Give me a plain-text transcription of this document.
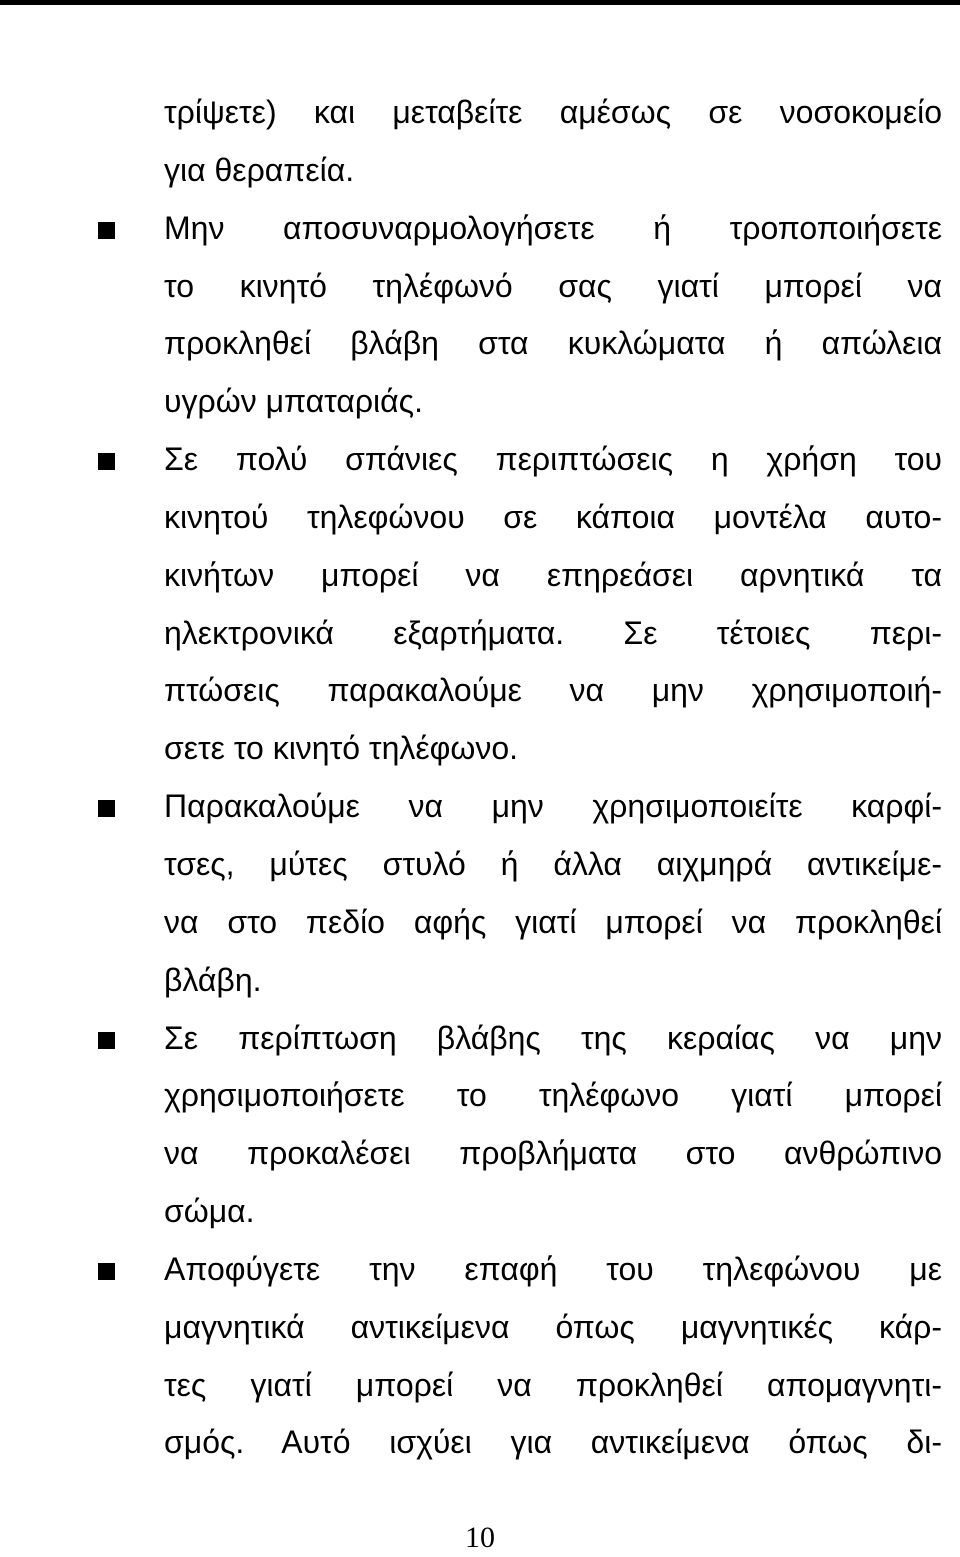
τρίψετε) και μεταβείτε αμέσως σε νοσοκομείο
για θεραπεία.
Μην αποσυναρμολογήσετε ή τροποποιήσετε
το κινητό τηλέφωνό σας γιατί μπορεί να
προκληθεί βλάβη στα κυκλώματα ή απώλεια
υγρών μπαταριάς.
Σε πολύ σπάνιες περιπτώσεις η χρήση του
κινητού τηλεφώνου σε κάποια μοντέλα αυτο-
κινήτων μπορεί να επηρεάσει αρνητικά τα
ηλεκτρονικά εξαρτήματα. Σε τέτοιες περι-
πτώσεις παρακαλούμε να μην χρησιμοποιή-
σετε το κινητό τηλέφωνο.
Παρακαλούμε να μην χρησιμοποιείτε καρφί-
τσες, μύτες στυλό ή άλλα αιχμηρά αντικείμε-
να στο πεδίο αφής γιατί μπορεί να προκληθεί
βλάβη.
Σε περίπτωση βλάβης της κεραίας να μην
χρησιμοποιήσετε το τηλέφωνο γιατί μπορεί
να προκαλέσει προβλήματα στο ανθρώπινο
σώμα.
Αποφύγετε την επαφή του τηλεφώνου με
μαγνητικά αντικείμενα όπως μαγνητικές κάρ-
τες γιατί μπορεί να προκληθεί απομαγνητι-
σμός. Αυτό ισχύει για αντικείμενα όπως δι-
10
